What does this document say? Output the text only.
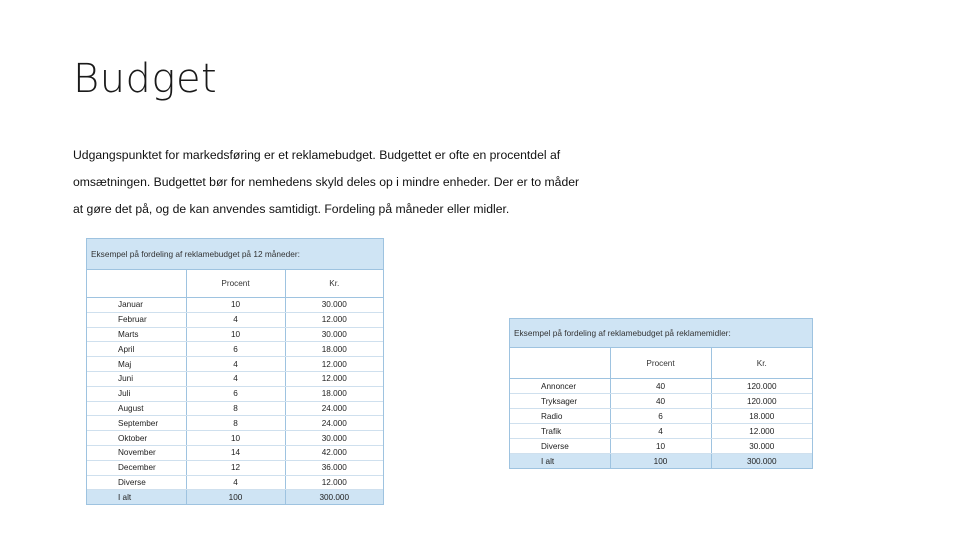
Budget
Udgangspunktet for markedsføring er et reklamebudget. Budgettet er ofte en procentdel af
omsætningen. Budgettet bør for nemhedens skyld deles op i mindre enheder. Der er to måder
at gøre det på, og de kan anvendes samtidigt. Fordeling på måneder eller midler.
Eksempel på fordeling af reklamebudget på 12 måneder:
	Procent	Kr.
Januar	10	30.000
Februar	4	12.000
Marts	10	30.000
April	6	18.000
Maj	4	12.000
Juni	4	12.000
Juli	6	18.000
August	8	24.000
September	8	24.000
Oktober	10	30.000
November	14	42.000
December	12	36.000
Diverse	4	12.000
I alt	100	300.000
Eksempel på fordeling af reklamebudget på reklamemidler:
	Procent	Kr.
Annoncer	40	120.000
Tryksager	40	120.000
Radio	6	18.000
Trafik	4	12.000
Diverse	10	30.000
I alt	100	300.000
